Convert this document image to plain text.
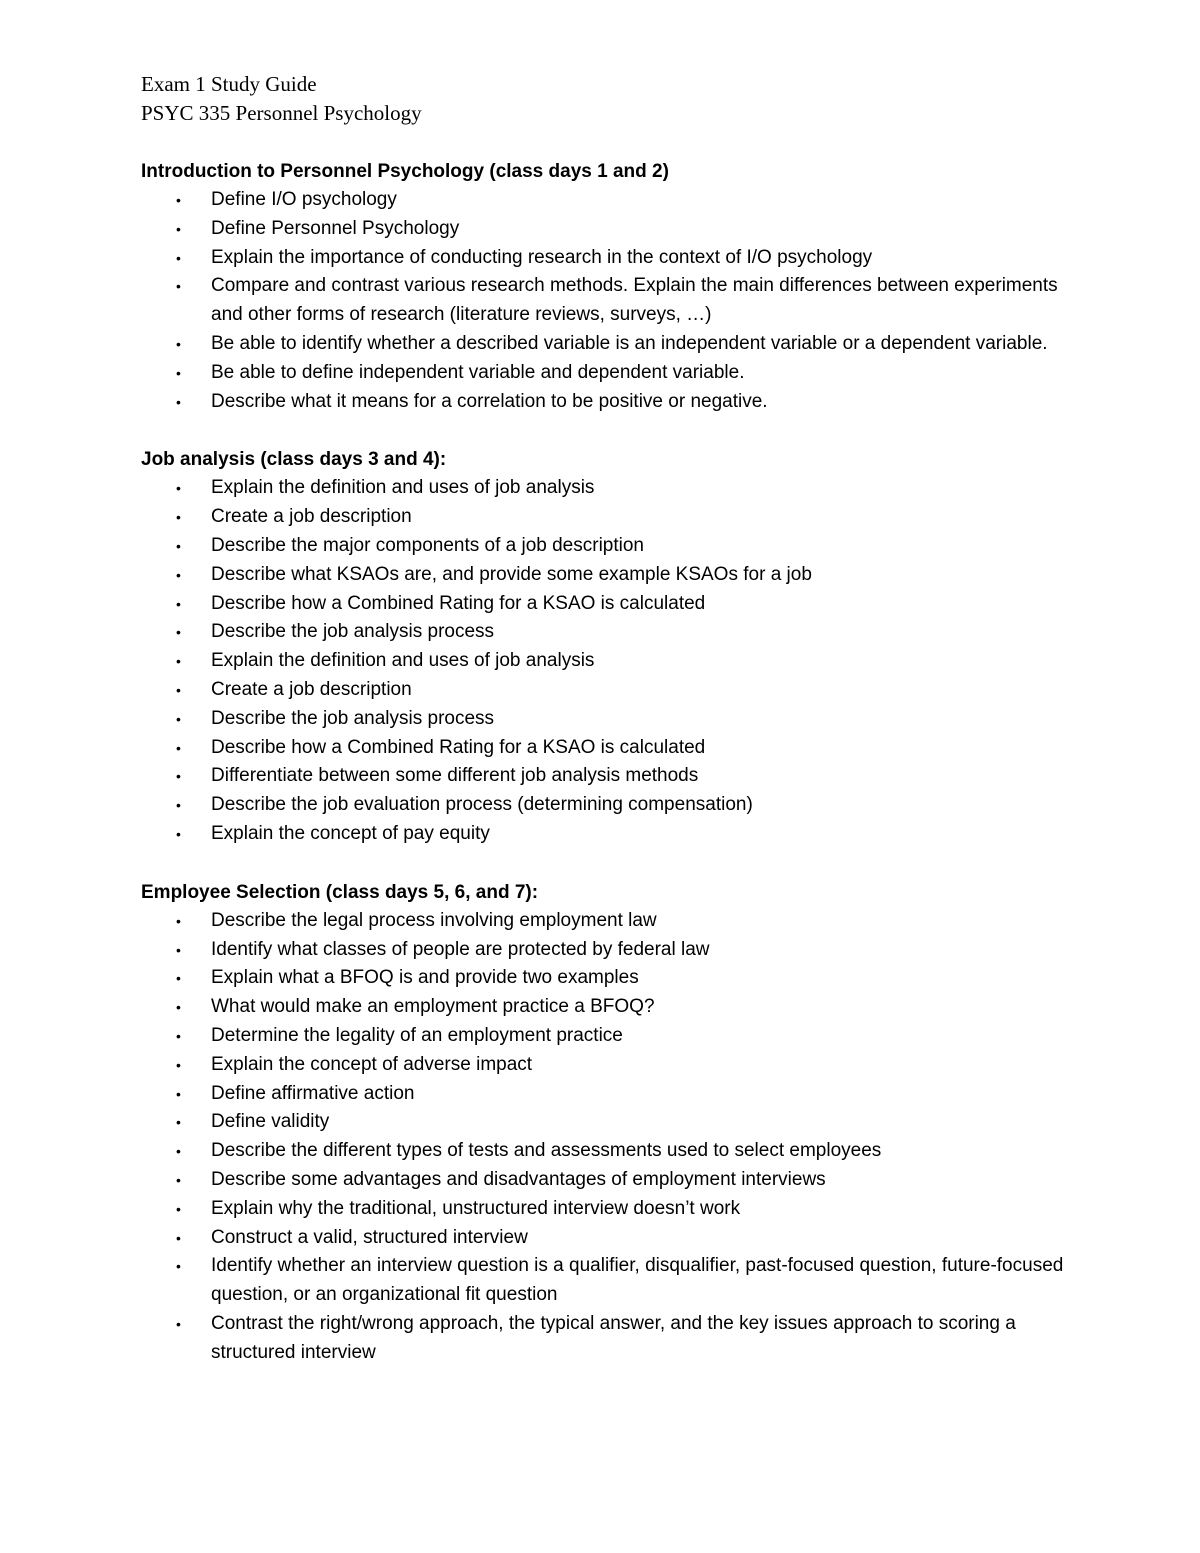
Exam 1 Study Guide

PSYC 335 Personnel Psychology

Introduction to Personnel Psychology (class days 1 and 2)

• Define I/O psychology
• Define Personnel Psychology
• Explain the importance of conducting research in the context of I/O psychology
• Compare and contrast various research methods. Explain the main differences between experiments and other forms of research (literature reviews, surveys, …)
• Be able to identify whether a described variable is an independent variable or a dependent variable.
• Be able to define independent variable and dependent variable.
• Describe what it means for a correlation to be positive or negative.

Job analysis (class days 3 and 4):

• Explain the definition and uses of job analysis
• Create a job description
• Describe the major components of a job description
• Describe what KSAOs are, and provide some example KSAOs for a job
• Describe how a Combined Rating for a KSAO is calculated
• Describe the job analysis process
• Explain the definition and uses of job analysis
• Create a job description
• Describe the job analysis process
• Describe how a Combined Rating for a KSAO is calculated
• Differentiate between some different job analysis methods
• Describe the job evaluation process (determining compensation)
• Explain the concept of pay equity

Employee Selection (class days 5, 6, and 7):

• Describe the legal process involving employment law
• Identify what classes of people are protected by federal law
• Explain what a BFOQ is and provide two examples
• What would make an employment practice a BFOQ?
• Determine the legality of an employment practice
• Explain the concept of adverse impact
• Define affirmative action
• Define validity
• Describe the different types of tests and assessments used to select employees
• Describe some advantages and disadvantages of employment interviews
• Explain why the traditional, unstructured interview doesn’t work
• Construct a valid, structured interview
• Identify whether an interview question is a qualifier, disqualifier, past-focused question, future-focused question, or an organizational fit question
• Contrast the right/wrong approach, the typical answer, and the key issues approach to scoring a structured interview
